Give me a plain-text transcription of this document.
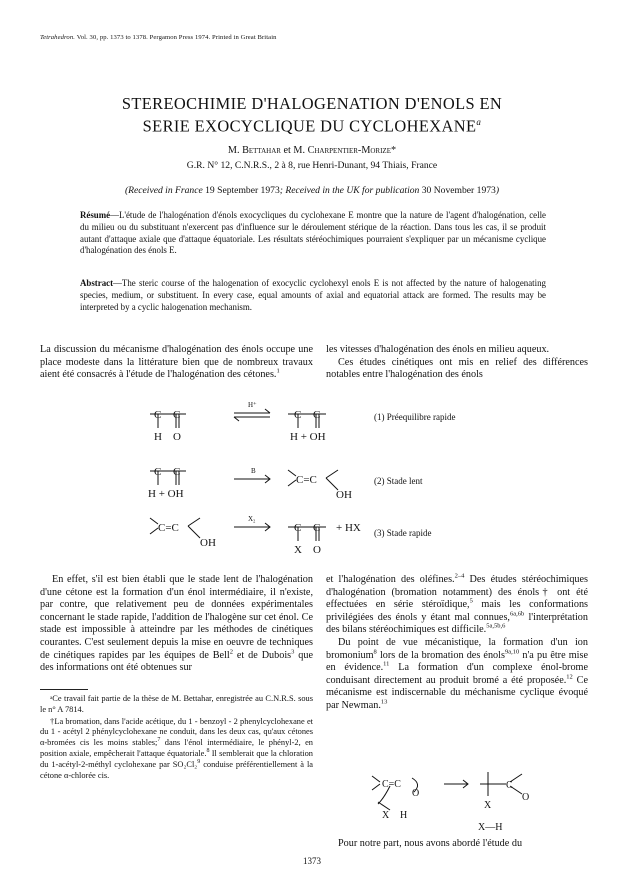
Tetrahedron. Vol. 30, pp. 1373 to 1378. Pergamon Press 1974. Printed in Great Britain
STEREOCHIMIE D'HALOGENATION D'ENOLS EN
SERIE EXOCYCLIQUE DU CYCLOHEXANE$^a$
M. Bettahar et M. Charpentier-Morize*
G.R. N° 12, C.N.R.S., 2 à 8, rue Henri-Dunant, 94 Thiais, France
(Received in France 19 September 1973; Received in the UK for publication 30 November 1973)
Résumé—L'étude de l'halogénation d'énols exocycliques du cyclohexane E montre que la nature de l'agent d'halogénation, celle du milieu ou du substituant n'exercent pas d'influence sur le déroulement stérique de la réaction. Dans tous les cas, il se produit autant d'attaque axiale que d'attaque équatoriale. Les résultats stéréochimiques pourraient s'expliquer par un mécanisme cyclique d'halogénation des énols E.
Abstract—The steric course of the halogenation of exocyclic cyclohexyl enols E is not affected by the nature of halogenating species, medium, or substituent. In every case, equal amounts of axial and equatorial attack are formed. The results may be interpreted by a cyclic halogenation mechanism.

La discussion du mécanisme d'halogénation des énols occupe une place modeste dans la littérature bien que de nombreux travaux aient été consacrés à l'étude de l'halogénation des cétones.$^1$

les vitesses d'halogénation des énols en milieu aqueux.

Ces études cinétiques ont mis en relief des différences notables entre l'halogénation des énols

C C
H O
H⁺
C C
H + OH
(1) Préequilibre rapide
C C
H + OH
B
C=C
OH
(2) Stade lent
C=C
OH
X₂
C C
X O
+ HX (3) Stade rapide

En effet, s'il est bien établi que le stade lent de l'halogénation d'une cétone est la formation d'un énol intermédiaire, il n'existe, par contre, que relativement peu de données expérimentales concernant le stade rapide, l'addition de l'halogène sur cet énol. Ce stade est impossible à atteindre par les méthodes de cinétiques courantes. C'est seulement depuis la mise en oeuvre de techniques de cinétiques rapides par les équipes de Bell$^2$ et de Dubois$^3$ que des informations ont été obtenues sur

ᵃCe travail fait partie de la thèse de M. Bettahar, enregistrée au C.N.R.S. sous le n° A 7814.

†La bromation, dans l'acide acétique, du 1 - benzoyl - 2 phenylcyclohexane et du 1 - acétyl 2 phénylcyclohexane ne conduit, dans les deux cas, qu'aux cétones α-bromées cis les moins stables;$^7$ dans l'énol intermédiaire, le phényl-2, en position axiale, empêcherait l'attaque équatoriale.$^8$ Il semblerait que la chloration du 1-acétyl-2-méthyl cyclohexane par SO₂Cl₂$^9$ conduise préférentiellement à la cétone α-chlorée cis.

et l'halogénation des oléfines.$^{2-4}$ Des études stéréochimiques d'halogénation (bromation notamment) des énols† ont été effectuées en série stéroïdique,$^5$ mais les conformations privilégiées des énols y étant mal connues,$^{6a,6b}$ l'interprétation des bilans stéréochimiques est difficile.$^{5a,5b,6}$

Du point de vue mécanistique, la formation d'un ion bromonium$^8$ lors de la bromation des énols$^{9a,10}$ n'a pu être mise en évidence.$^{11}$ La formation d'un complexe énol-brome conduisant directement au produit bromé a été proposée.$^{12}$ Ce mécanisme est indiscernable du méchanisme cyclique évoqué par Newman.$^{13}$

C=C
O
X H
X
C
O
X—H

Pour notre part, nous avons abordé l'étude du

1373
